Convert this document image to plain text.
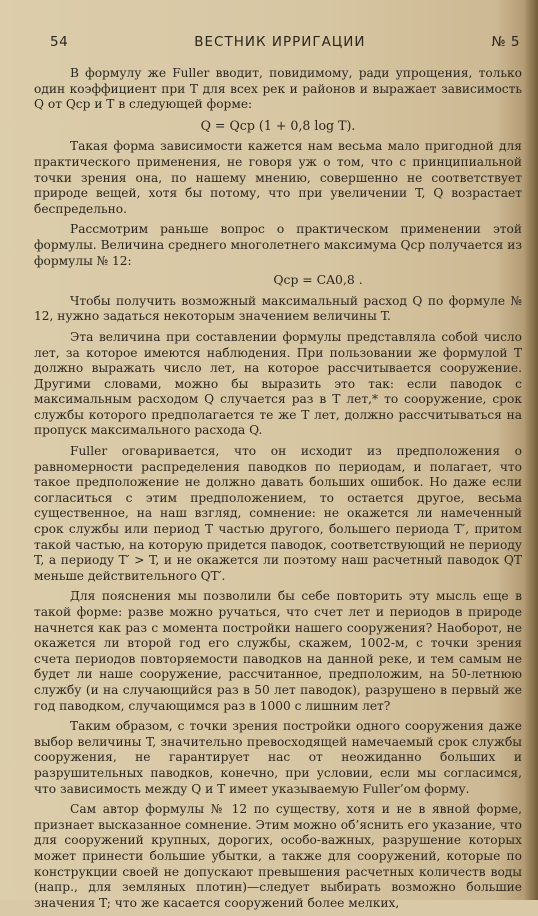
54	ВЕСТНИК ИРРИГАЦИИ	№ 5

В формулу же Fuller вводит, повидимому, ради упрощения, только один коэффициент при T для всех рек и районов и выражает зависимость Q от Qср и T в следующей форме:

Q = Qср (1 + 0,8 log T).

Такая форма зависимости кажется нам весьма мало пригодной для практического применения, не говоря уж о том, что с принципиальной точки зрения она, по нашему мнению, совершенно не соответствует природе вещей, хотя бы потому, что при увеличении T, Q возрастает беспредельно.

Рассмотрим раньше вопрос о практическом применении этой формулы. Величина среднего многолетнего максимума Qср получается из формулы № 12:

Qср = CA0,8 .

Чтобы получить возможный максимальный расход Q по формуле № 12, нужно задаться некоторым значением величины T.

Эта величина при составлении формулы представляла собой число лет, за которое имеются наблюдения. При пользовании же формулой T должно выражать число лет, на которое рассчитывается сооружение. Другими словами, можно бы выразить это так: если паводок с максимальным расходом Q случается раз в T лет,* то сооружение, срок службы которого предполагается те же T лет, должно рассчитываться на пропуск максимального расхода Q.

Fuller оговаривается, что он исходит из предположения о равномерности распределения паводков по периодам, и полагает, что такое предположение не должно давать больших ошибок. Но даже если согласиться с этим предположением, то остается другое, весьма существенное, на наш взгляд, сомнение: не окажется ли намеченный срок службы или период T частью другого, большего периода T′, притом такой частью, на которую придется паводок, соответствующий не периоду T, а периоду T′ > T, и не окажется ли поэтому наш расчетный паводок QT меньше действительного QT′.

Для пояснения мы позволили бы себе повторить эту мысль еще в такой форме: разве можно ручаться, что счет лет и периодов в природе начнется как раз с момента постройки нашего сооружения? Наоборот, не окажется ли второй год его службы, скажем, 1002-м, с точки зрения счета периодов повторяемости паводков на данной реке, и тем самым не будет ли наше сооружение, рассчитанное, предположим, на 50-летнюю службу (и на случающийся раз в 50 лет паводок), разрушено в первый же год паводком, случающимся раз в 1000 с лишним лет?

Таким образом, с точки зрения постройки одного сооружения даже выбор величины T, значительно превосходящей намечаемый срок службы сооружения, не гарантирует нас от неожиданно больших и разрушительных паводков, конечно, при условии, если мы согласимся, что зависимость между Q и T имеет указываемую Fuller’ом форму.

Сам автор формулы № 12 по существу, хотя и не в явной форме, признает высказанное сомнение. Этим можно об’яснить его указание, что для сооружений крупных, дорогих, особо-важных, разрушение которых может принести большие убытки, а также для сооружений, которые по конструкции своей не допускают превышения расчетных количеств воды (напр., для земляных плотин)—следует выбирать возможно большие значения T; что же касается сооружений более мелких,
